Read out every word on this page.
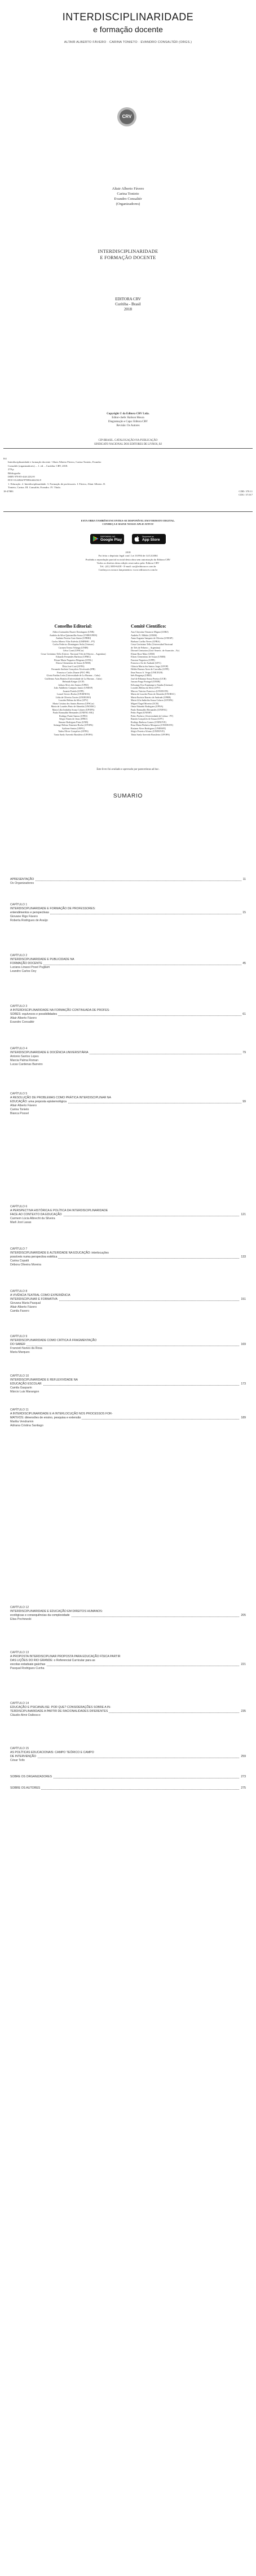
INTERDISCIPLINARIDADE
e formação docente
ALTAIR ALBERTO FÁVERO · CARINA TONIETO · EVANDRO CONSALTÉR (ORGS.)
CRV
Altair Alberto Fávero
Carina Tonieto
Evandro Consaltér
(Organizadores)
INTERDISCIPLINARIDADE
E FORMAÇÃO DOCENTE
EDITORA CRV
Curitiba - Brasil
2018
Copyright © da Editora CRV Ltda.
Editor-chefe: Railson Moura
Diagramação e Capa: Editora CRV
Revisão: Os Autores
CIP-BRASIL. CATALOGAÇÃO-NA-PUBLICAÇÃO
SINDICATO NACIONAL DOS EDITORES DE LIVROS, RJ
I61
Interdisciplinaridade e formação docente / Altair Alberto Fávero, Carina Tonieto, Evandro
Consaltér (organizadores). – 1. ed. – Curitiba: CRV, 2018.
278 p.
Bibliografia
ISBN 978-85-444-2232-8
DOI 10.24824/978854442232.8
1. Educação. 2. Interdisciplinaridade. 3. Formação de professores. I. Fávero, Altair Alberto. II.
Tonieto, Carina. III. Consaltér, Evandro. IV. Título.
18-47883	CDD: 370.11
CDU: 37.017
ESTA OBRA TAMBÉM ENCONTRA-SE DISPONÍVEL EM FORMATO DIGITAL.
CONHEÇA E BAIXE NOSSO APLICATIVO!
DISPONÍVEL NO
Google Play
Disponível na
App Store
2018
Foi feito o depósito legal conf. Lei 10.994 de 14/12/2004
Proibida a reprodução parcial ou total desta obra sem autorização da Editora CRV
Todos os direitos desta edição reservados pela: Editora CRV
Tel.: (41) 3039-6418 - E-mail: sac@editoracrv.com.br
Conheça os nossos lançamentos: www.editoracrv.com.br
Conselho Editorial:
Aldira Guimarães Duarte Domínguez (UNB)
Andréia da Silva Quintanilha Sousa (UNIR/UFRN)
Antônio Pereira Gaio Júnior (UFRRJ)
Carlos Alberto Vilar Estêvão (UMINHO – PT)
Carlos Federico Dominguez Avila (Unieuro)
Carmen Tereza Velanga (UNIR)
Celso Conti (UFSCar)
Cesar Gerónimo Tello (Univer .Nacional Três de Febrero – Argentina)
Eduardo Fernandes Barbosa (UFMG)
Elione Maria Nogueira Diógenes (UFAL)
Elizeu Clementino de Souza (UNEB)
Élsio José Corá (UFFS)
Fernando Antônio Gonçalves Alcoforado (IPB)
Francisco Carlos Duarte (PUC-PR)
Gloria Fariñas León (Universidade de La Havana – Cuba)
Guillermo Arias Beatón (Universidade de La Havana – Cuba)
Helmuth Krüger (UCP)
Jailson Alves dos Santos (UFRJ)
João Adalberto Campato Junior (UNESP)
Josania Portela (UFPI)
Leonel Severo Rocha (UNISINOS)
Lídia de Oliveira Xavier (UNIEURO)
Lourdes Helena da Silva (UFV)
Maria Cristina dos Santos Bezerra (UFSCar)
Maria de Lourdes Pinto de Almeida (UNOESC)
Maria Lília Imbiriba Sousa Colares (UFOPA)
Paulo Romualdo Hernandes (UNIFAL-MG)
Rodrigo Pratte-Santos (UFES)
Sérgio Nunes de Jesus (IFRO)
Simone Rodrigues Pinto (UNB)
Solange Helena Ximenes-Rocha (UFOPA)
Sydione Santos (UEPG)
Tadeu Oliver Gonçalves (UFPA)
Tania Suely Azevedo Brasileiro (UFOPA)
Comitê Científico:
Ana Chrystina Venancio Mignot (UERJ)
Andréia N. Militão (UEMS)
Anna Augusta Sampaio de Oliveira (UNESP)
Barbara Coelho Neves (UFBA)
Cesar Gerónimo Tello (Universidad Nacional
de Três de Febrero – Argentina)
Diosnel Centurion (Univ Americ. de Asunción – Py)
Eliane Rose Maio (UEM)
Elizeu Clementino de Souza (UNEB)
Fauston Negreiros (UFPI)
Francisco Ari de Andrade (UFC)
Gláucia Maria dos Santos Jorge (UFOP)
Helder Buenos Aires de Carvalho (UFPI)
Ilma Passos A. Veiga (UNICEUB)
Inês Bragança (UERJ)
José de Ribamar Sousa Pereira (UCB)
Jussara Fraga Portugal (UNEB)
Kilwangy Kya Kapitango-a-Samba (Unemat)
Lourdes Helena da Silva (UFV)
Marcos Vinicius Francisco (UNOESTE)
Maria de Lourdes Pinto de Almeida (UNOESC)
Maria Eurácia Barreto de Andrade (UFRB)
Maria Lília Imbiriba Sousa Colares (UFOPA)
Míguel Ángel Moreira (UCB)
Omar Eduardo Rodriguez (UPNA)
Paulo Romualdo Hernandes (UNIFAL)
Pedro Pagni (UNESP)
Pedro Pacheco (Universidade de Lisboa - PT)
Ramón Gonçalves de Souza (UFV)
Rodrigo Barbosa Gomes (UNINOVE)
Rosa Maria Pinheiro Mosquera (UNIOESTE)
Rosiane Alves Rodrigues (UNEMAT)
Sérgio Ferreira Afonso (UNINOVE)
Tânia Suely Azevedo Brasileiro (UFOPA)
Este livro foi avaliado e aprovado por pareceristas ad hoc.
SUMÁRIO
APRESENTAÇÃO	11
Os Organizadores
CAPÍTULO 1
INTERDISCIPLINARIDADE E FORMAÇÃO DE PROFESSORES:
entendimentos e perspectivas	15
Giovane Rigo Fávero
Roberta Rodrigues de Araújo
CAPÍTULO 2
INTERDISCIPLINARIDADE E PUBLICIDADE NA
FORMAÇÃO DOCENTE	45
Luciana Linassi Posel Pugliam
Leandro Carlos Oey
CAPÍTULO 3
A INTERDISCIPLINARIDADE NA FORMAÇÃO CONTINUADA DE PROFES-
SORES: equívocos e possibilidades	61
Altair Alberto Fávero
Evandro Consaltér
CAPÍTULO 4
INTERDISCIPLINARIDADE E DOCÊNCIA UNIVERSITÁRIA	79
Antonio Santos Lopes
Marcia Palma Roman
Lucas Cardenas Barreiro
CAPÍTULO 5
A RESOLUÇÃO DE PROBLEMAS COMO PRÁTICA INTERDISCIPLINAR NA
EDUCAÇÃO: uma proposta epistemológica	99
Altair Alberto Fávero
Carina Tonieto
Bianca Possel
CAPÍTULO 6
A PERSPECTIVA HISTÓRICA E POLÍTICA DA INTERDISCIPLINARIDADE
FACE AO CONTEXTO DA EDUCAÇÃO	121
Carmem Lúcia Albrecht da Silveira
Marli Jost Lasas
CAPÍTULO 7
INTERDISCIPLINARIDADE E ALTERIDADE NA EDUCAÇÃO: interlocuções
possíveis numa perspectiva estética	133
Carina Copatti
Débora Oliveira Moreira
CAPÍTULO 8
A VIVÊNCIA TEATRAL COMO EXPERIÊNCIA
INTERDISCIPLINAR E FORMATIVA	151
Giovana Maria Pasqual
Altair Alberto Fávero
Camila Favero
CAPÍTULO 9
INTERDISCIPLINARIDADE COMO CRÍTICA À FRAGMENTAÇÃO
DO SABER	169
Francieli Nunes da Rosa
Maria Marques
CAPÍTULO 10
INTERDISCIPLINARIDADE E REFLEXIVIDADE NA
EDUCAÇÃO ESCOLAR	173
Camila Gasparin
Márcio Luis Marangon
CAPÍTULO 11
A INTERDISCIPLINARIDADE E A INTERLOCUÇÃO NOS PROCESSOS FOR-
MATIVOS: dimensões de ensino, pesquisa e extensão	189
Marilia Vendramin
Adriana Cristina Santiago
CAPÍTULO 12
INTERDISCIPLINARIDADE E EDUCAÇÃO EM DIREITOS HUMANOS:
ecológicas e consequências da complexidade	205
Elisa Pochewski
CAPÍTULO 13
A PROPOSTA INTERDISCIPLINAR PROPOSTA PARA EDUCAÇÃO FÍSICA PARTIR
DAS LIÇÕES DO RIO GRANDE: o Referencial Curricular para as
escolas estaduais gaúchas	221
Pasqual Rodrigues Cunha
CAPÍTULO 14
EDUCAÇÃO E PSICANÁLISE: POR QUE? CONSIDERAÇÕES SOBRE A IN-
TERDISCIPLINARIDADE A PARTIR DE RACIONALIDADES DIFERENTES	235
Cláudio Almir Dalbosco
CAPÍTULO 15
AS POLÍTICAS EDUCACIONAIS: CAMPO TEÓRICO E CAMPO
DE INTERVENÇÃO	259
César Tello
SOBRE OS ORGANIZADORES	273
SOBRE OS AUTORES	275
